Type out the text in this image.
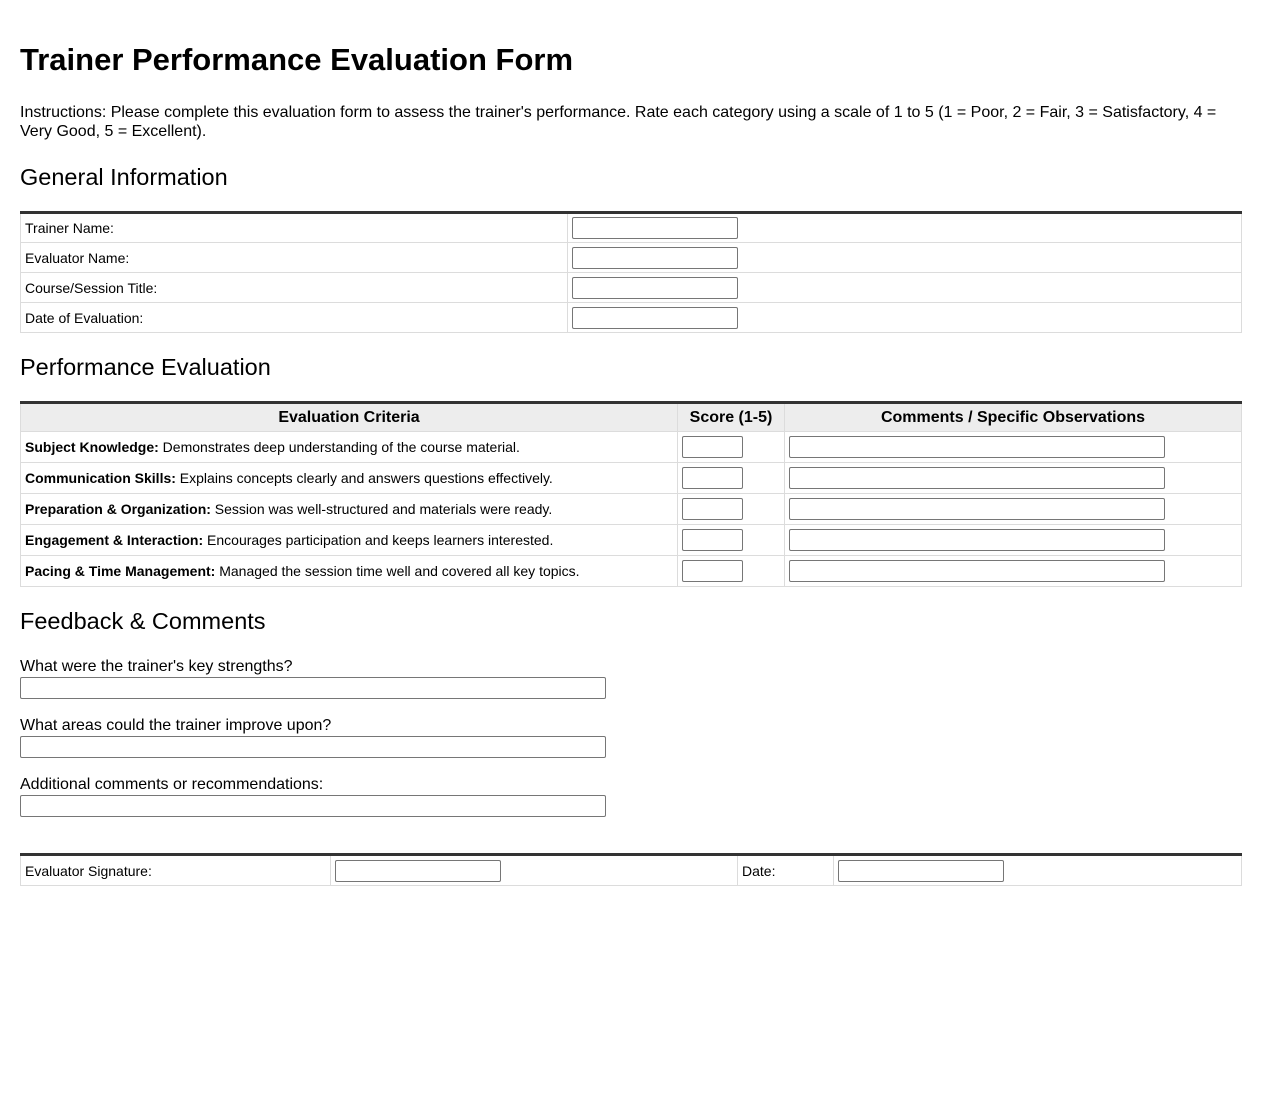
Trainer Performance Evaluation Form

Instructions: Please complete this evaluation form to assess the trainer's performance. Rate each category using a scale of 1 to 5 (1 = Poor, 2 = Fair, 3 = Satisfactory, 4 = Very Good, 5 = Excellent).

General Information
Trainer Name:	

Evaluator Name:	

Course/Session Title:	

Date of Evaluation:	
Performance Evaluation
Evaluation Criteria	Score (1-5)	Comments / Specific Observations
Subject Knowledge: Demonstrates deep understanding of the course material.	

Communication Skills: Explains concepts clearly and answers questions effectively.	

Preparation & Organization: Session was well-structured and materials were ready.	

Engagement & Interaction: Encourages participation and keeps learners interested.	

Pacing & Time Management: Managed the session time well and covered all key topics.	

Feedback & Comments

What were the trainer's key strengths?

What areas could the trainer improve upon?

Additional comments or recommendations:

Evaluator Signature:		Date:	
